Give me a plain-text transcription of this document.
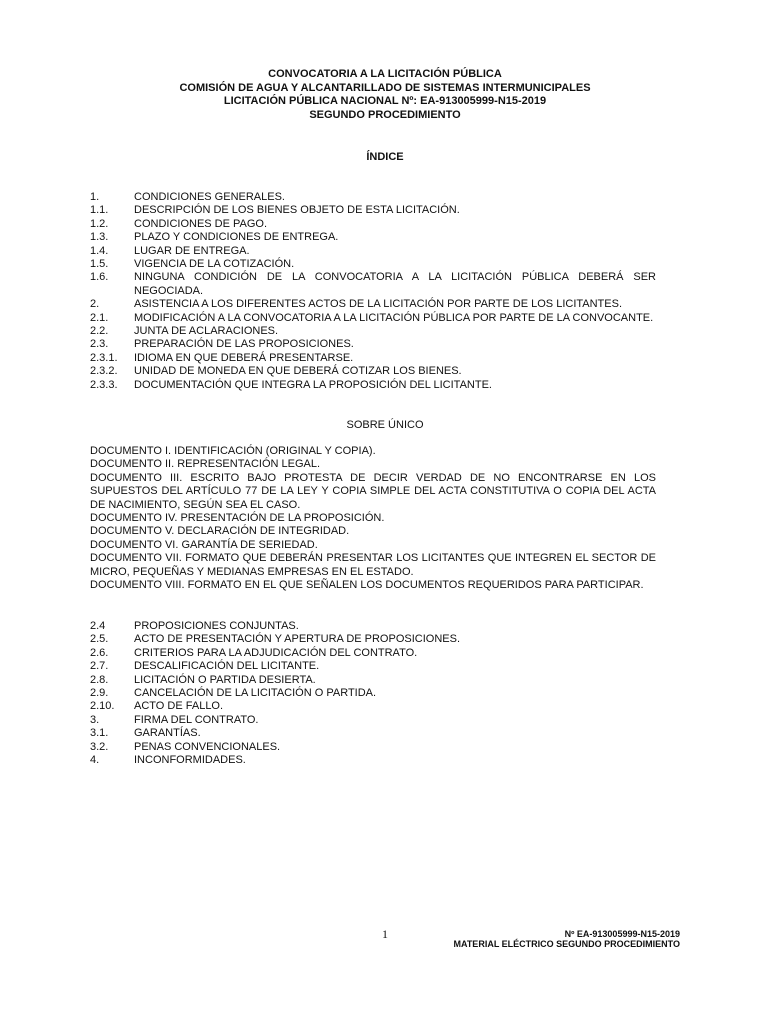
CONVOCATORIA A LA LICITACIÓN PÚBLICA
COMISIÓN DE AGUA Y ALCANTARILLADO DE SISTEMAS INTERMUNICIPALES
LICITACIÓN PÚBLICA NACIONAL Nº: EA-913005999-N15-2019
SEGUNDO PROCEDIMIENTO
ÍNDICE
1.	CONDICIONES GENERALES.
1.1.	DESCRIPCIÓN DE LOS BIENES OBJETO DE ESTA LICITACIÓN.
1.2.	CONDICIONES DE PAGO.
1.3.	PLAZO Y CONDICIONES DE ENTREGA.
1.4.	LUGAR DE ENTREGA.
1.5.	VIGENCIA DE LA COTIZACIÓN.
1.6.	NINGUNA CONDICIÓN DE LA CONVOCATORIA A LA LICITACIÓN PÚBLICA DEBERÁ SER NEGOCIADA.
2.	ASISTENCIA A LOS DIFERENTES ACTOS DE LA LICITACIÓN POR PARTE DE LOS LICITANTES.
2.1.	MODIFICACIÓN A LA CONVOCATORIA A LA LICITACIÓN PÚBLICA POR PARTE DE LA CONVOCANTE.
2.2.	JUNTA DE ACLARACIONES.
2.3.	PREPARACIÓN DE LAS PROPOSICIONES.
2.3.1.	IDIOMA EN QUE DEBERÁ PRESENTARSE.
2.3.2.	UNIDAD DE MONEDA EN QUE DEBERÁ COTIZAR LOS BIENES.
2.3.3.	DOCUMENTACIÓN QUE INTEGRA LA PROPOSICIÓN DEL LICITANTE.
SOBRE ÚNICO

DOCUMENTO I. IDENTIFICACIÓN (ORIGINAL Y COPIA).

DOCUMENTO II. REPRESENTACIÓN LEGAL.

DOCUMENTO III. ESCRITO BAJO PROTESTA DE DECIR VERDAD DE NO ENCONTRARSE EN LOS SUPUESTOS DEL ARTÍCULO 77 DE LA LEY Y COPIA SIMPLE DEL ACTA CONSTITUTIVA O COPIA DEL ACTA DE NACIMIENTO, SEGÚN SEA EL CASO.

DOCUMENTO IV. PRESENTACIÓN DE LA PROPOSICIÓN.

DOCUMENTO V. DECLARACIÓN DE INTEGRIDAD.

DOCUMENTO VI. GARANTÍA DE SERIEDAD.

DOCUMENTO VII. FORMATO QUE DEBERÁN PRESENTAR LOS LICITANTES QUE INTEGREN EL SECTOR DE MICRO, PEQUEÑAS Y MEDIANAS EMPRESAS EN EL ESTADO.

DOCUMENTO VIII. FORMATO EN EL QUE SEÑALEN LOS DOCUMENTOS REQUERIDOS PARA PARTICIPAR.

2.4	PROPOSICIONES CONJUNTAS.
2.5.	ACTO DE PRESENTACIÓN Y APERTURA DE PROPOSICIONES.
2.6.	CRITERIOS PARA LA ADJUDICACIÓN DEL CONTRATO.
2.7.	DESCALIFICACIÓN DEL LICITANTE.
2.8.	LICITACIÓN O PARTIDA DESIERTA.
2.9.	CANCELACIÓN DE LA LICITACIÓN O PARTIDA.
2.10.	ACTO DE FALLO.
3.	FIRMA DEL CONTRATO.
3.1.	GARANTÍAS.
3.2.	PENAS CONVENCIONALES.
4.	INCONFORMIDADES.
1	Nº EA-913005999-N15-2019
MATERIAL ELÉCTRICO SEGUNDO PROCEDIMIENTO
